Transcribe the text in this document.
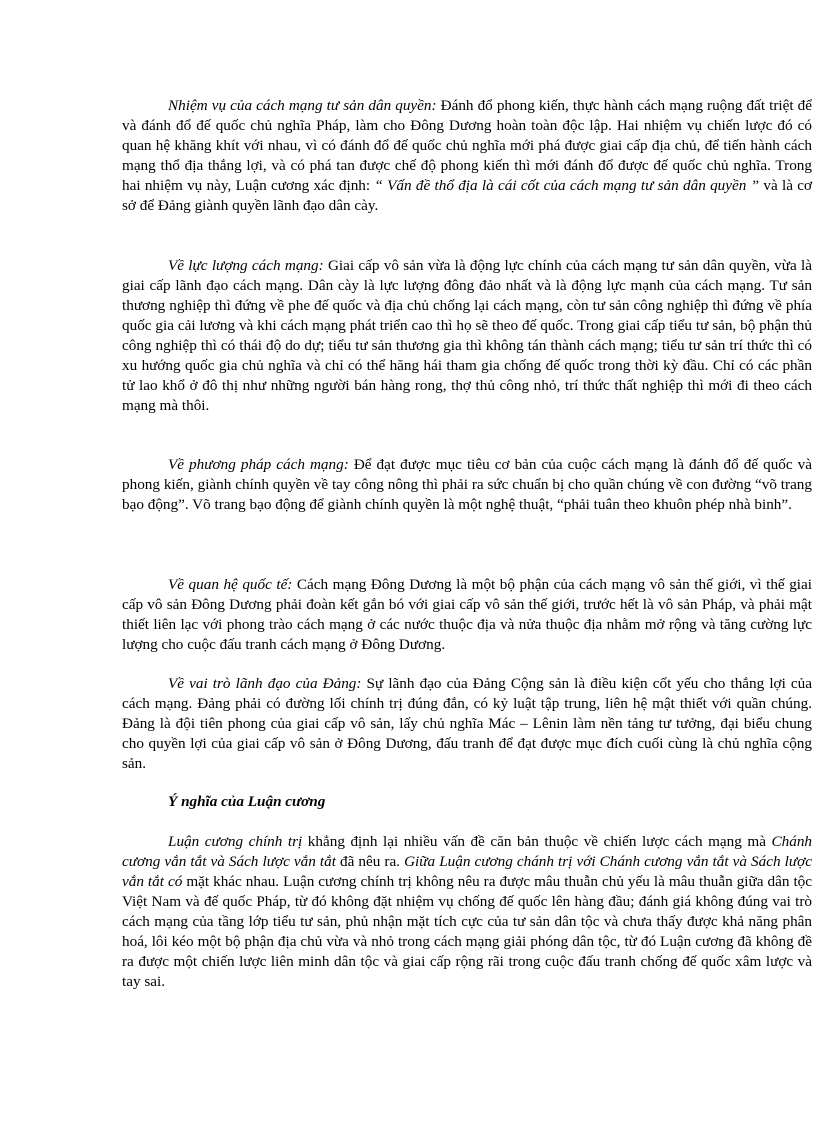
Nhiệm vụ của cách mạng tư sản dân quyền: Đánh đổ phong kiến, thực hành cách mạng ruộng đất triệt để và đánh đổ đế quốc chủ nghĩa Pháp, làm cho Đông Dương hoàn toàn độc lập. Hai nhiệm vụ chiến lược đó có quan hệ khăng khít với nhau, vì có đánh đổ đế quốc chủ nghĩa mới phá được giai cấp địa chủ, để tiến hành cách mạng thổ địa thắng lợi, và có phá tan được chế độ phong kiến thì mới đánh đổ được đế quốc chủ nghĩa. Trong hai nhiệm vụ này, Luận cương xác định: “ Vấn đề thổ địa là cái cốt của cách mạng tư sản dân quyền ” và là cơ sở để Đảng giành quyền lãnh đạo dân cày.

Về lực lượng cách mạng: Giai cấp vô sản vừa là động lực chính của cách mạng tư sản dân quyền, vừa là giai cấp lãnh đạo cách mạng. Dân cày là lực lượng đông đảo nhất và là động lực mạnh của cách mạng. Tư sản thương nghiệp thì đứng về phe đế quốc và địa chủ chống lại cách mạng, còn tư sản công nghiệp thì đứng về phía quốc gia cải lương và khi cách mạng phát triển cao thì họ sẽ theo đế quốc. Trong giai cấp tiểu tư sản, bộ phận thủ công nghiệp thì có thái độ do dự; tiểu tư sản thương gia thì không tán thành cách mạng; tiểu tư sản trí thức thì có xu hướng quốc gia chủ nghĩa và chỉ có thể hăng hái tham gia chống đế quốc trong thời kỳ đầu. Chỉ có các phần tử lao khổ ở đô thị như những người bán hàng rong, thợ thủ công nhỏ, trí thức thất nghiệp thì mới đi theo cách mạng mà thôi.

Về phương pháp cách mạng: Để đạt được mục tiêu cơ bản của cuộc cách mạng là đánh đổ đế quốc và phong kiến, giành chính quyền về tay công nông thì phải ra sức chuẩn bị cho quần chúng về con đường “võ trang bạo động”. Võ trang bạo động để giành chính quyền là một nghệ thuật, “phải tuân theo khuôn phép nhà binh”.

Về quan hệ quốc tế: Cách mạng Đông Dương là một bộ phận của cách mạng vô sản thế giới, vì thế giai cấp vô sản Đông Dương phải đoàn kết gắn bó với giai cấp vô sản thế giới, trước hết là vô sản Pháp, và phải mật thiết liên lạc với phong trào cách mạng ở các nước thuộc địa và nửa thuộc địa nhằm mở rộng và tăng cường lực lượng cho cuộc đấu tranh cách mạng ở Đông Dương.

Về vai trò lãnh đạo của Đảng: Sự lãnh đạo của Đảng Cộng sản là điều kiện cốt yếu cho thắng lợi của cách mạng. Đảng phải có đường lối chính trị đúng đắn, có kỷ luật tập trung, liên hệ mật thiết với quần chúng. Đảng là đội tiên phong của giai cấp vô sản, lấy chủ nghĩa Mác – Lênin làm nền tảng tư tưởng, đại biểu chung cho quyền lợi của giai cấp vô sản ở Đông Dương, đấu tranh để đạt được mục đích cuối cùng là chủ nghĩa cộng sản.

Ý nghĩa của Luận cương

Luận cương chính trị khẳng định lại nhiều vấn đề căn bản thuộc về chiến lược cách mạng mà Chánh cương vắn tắt và Sách lược vắn tắt đã nêu ra. Giữa Luận cương chánh trị với Chánh cương vắn tắt và Sách lược vắn tắt có mặt khác nhau. Luận cương chính trị không nêu ra được mâu thuẫn chủ yếu là mâu thuẫn giữa dân tộc Việt Nam và đế quốc Pháp, từ đó không đặt nhiệm vụ chống đế quốc lên hàng đầu; đánh giá không đúng vai trò cách mạng của tầng lớp tiểu tư sản, phủ nhận mặt tích cực của tư sản dân tộc và chưa thấy được khả năng phân hoá, lôi kéo một bộ phận địa chủ vừa và nhỏ trong cách mạng giải phóng dân tộc, từ đó Luận cương đã không đề ra được một chiến lược liên minh dân tộc và giai cấp rộng rãi trong cuộc đấu tranh chống đế quốc xâm lược và tay sai.
